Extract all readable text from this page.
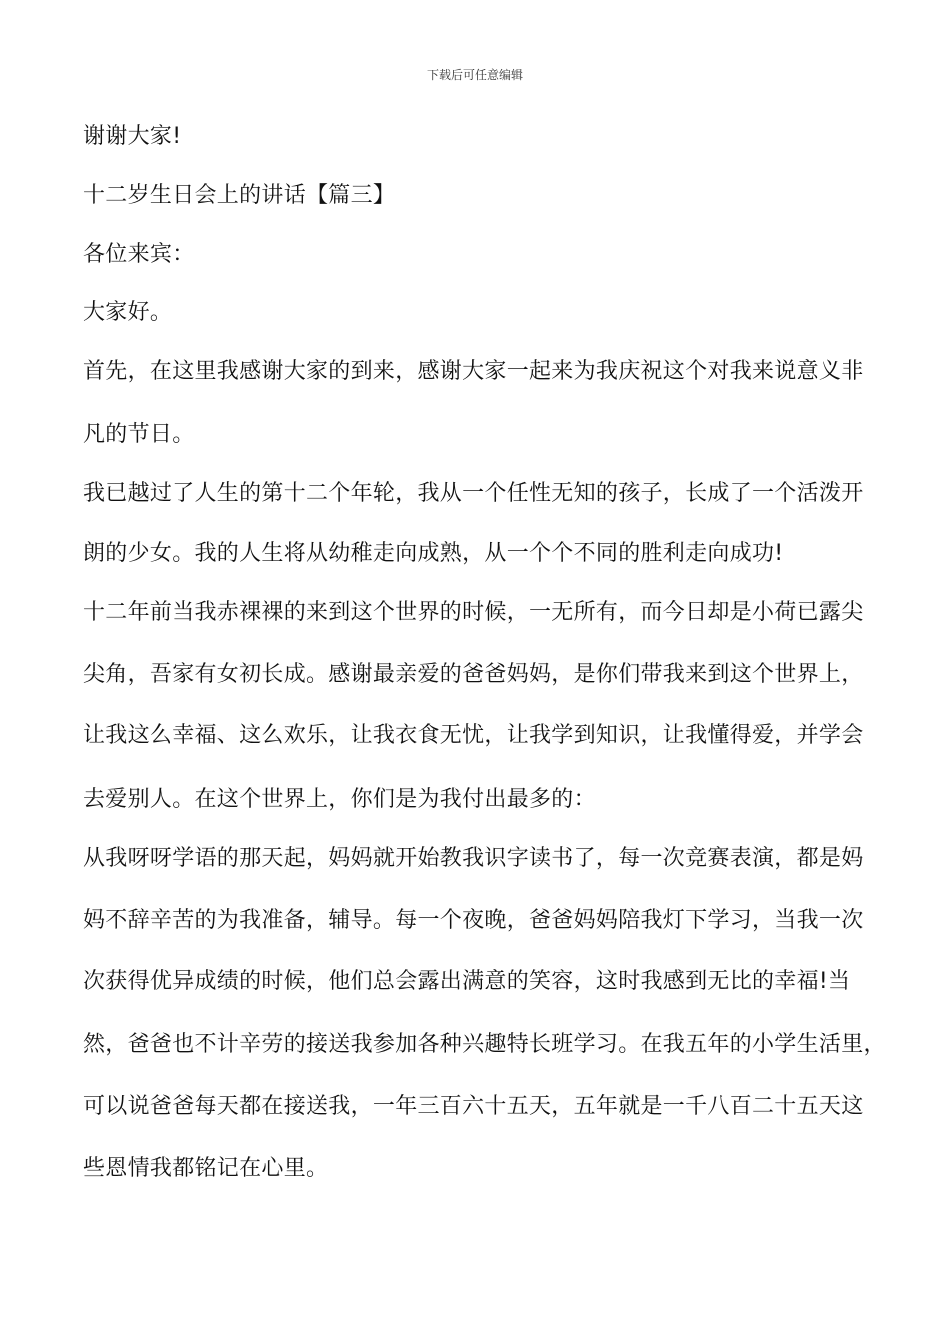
下载后可任意编辑
谢谢大家!
十二岁生日会上的讲话【篇三】
各位来宾：
大家好。
首先，在这里我感谢大家的到来，感谢大家一起来为我庆祝这个对我来说意义非
凡的节日。
我已越过了人生的第十二个年轮，我从一个任性无知的孩子，长成了一个活泼开
朗的少女。我的人生将从幼稚走向成熟，从一个个不同的胜利走向成功!
十二年前当我赤裸裸的来到这个世界的时候，一无所有，而今日却是小荷已露尖
尖角，吾家有女初长成。感谢最亲爱的爸爸妈妈，是你们带我来到这个世界上，
让我这么幸福、这么欢乐，让我衣食无忧，让我学到知识，让我懂得爱，并学会
去爱别人。在这个世界上，你们是为我付出最多的：
从我呀呀学语的那天起，妈妈就开始教我识字读书了，每一次竞赛表演，都是妈
妈不辞辛苦的为我准备，辅导。每一个夜晚，爸爸妈妈陪我灯下学习，当我一次
次获得优异成绩的时候，他们总会露出满意的笑容，这时我感到无比的幸福!当
然，爸爸也不计辛劳的接送我参加各种兴趣特长班学习。在我五年的小学生活里，
可以说爸爸每天都在接送我，一年三百六十五天，五年就是一千八百二十五天这
些恩情我都铭记在心里。
